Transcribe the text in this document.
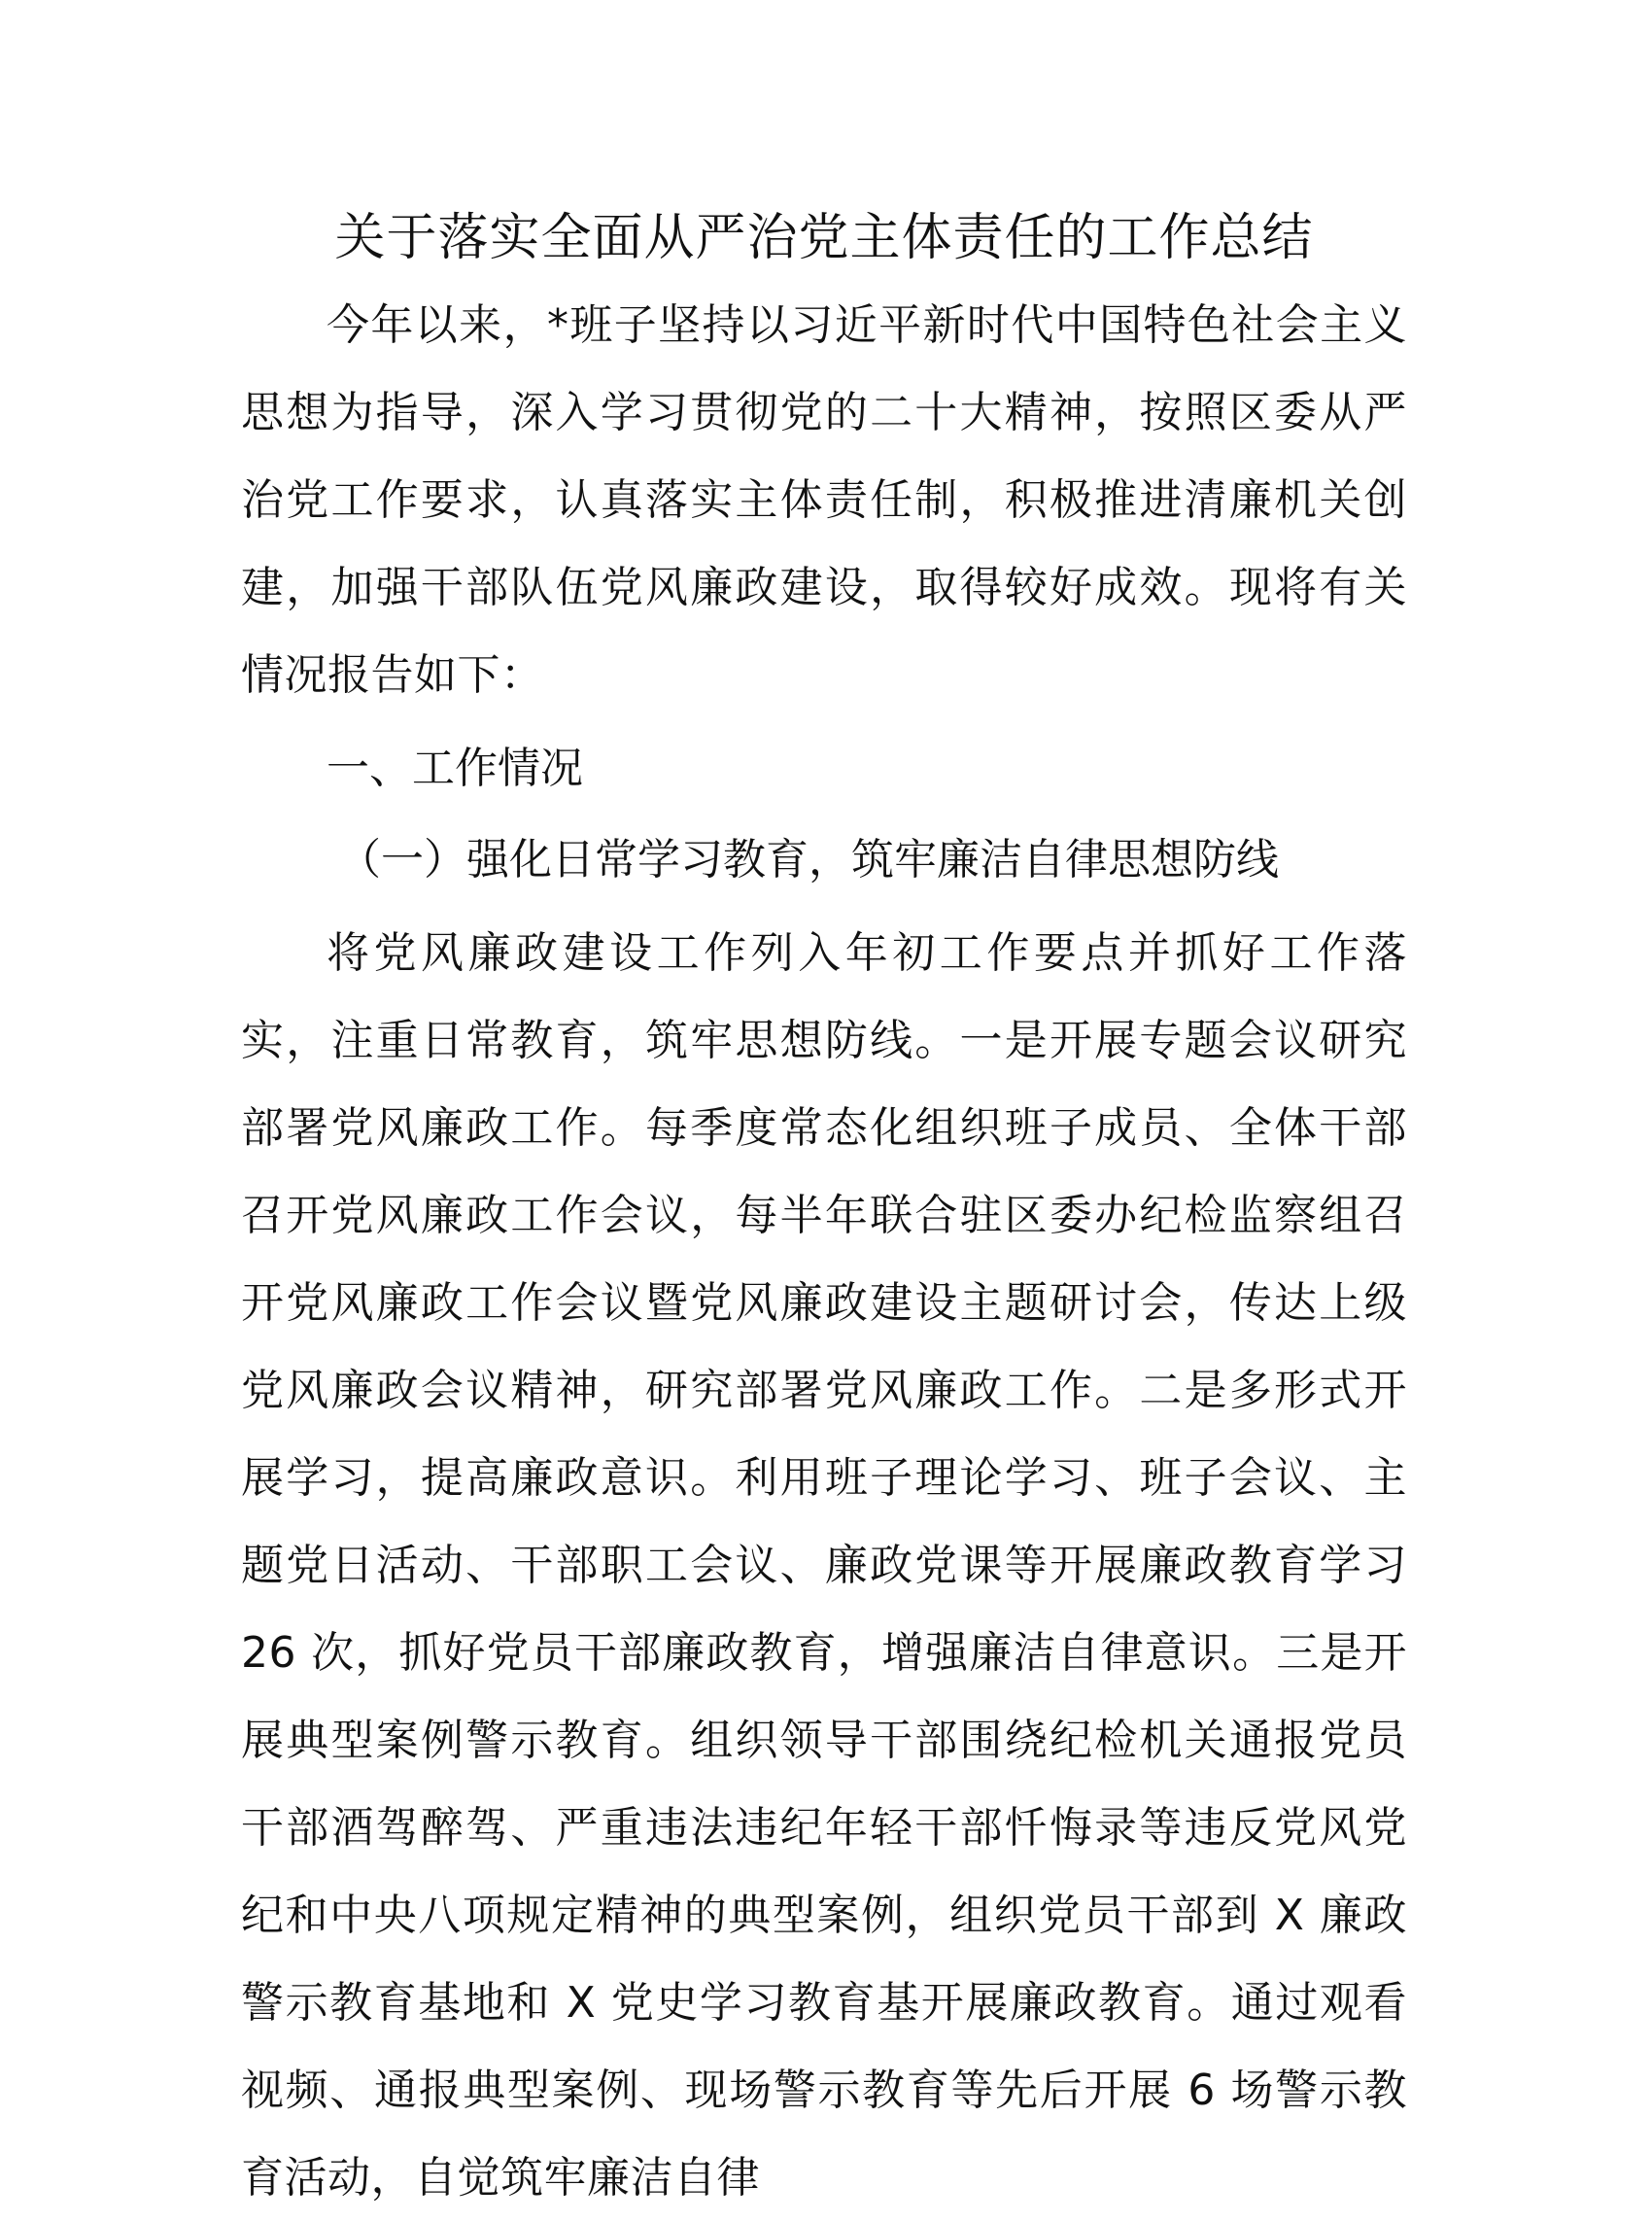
关于落实全面从严治党主体责任的工作总结

今年以来，*班子坚持以习近平新时代中国特色社会主义思想为指导，深入学习贯彻党的二十大精神，按照区委从严治党工作要求，认真落实主体责任制，积极推进清廉机关创建，加强干部队伍党风廉政建设，取得较好成效。现将有关情况报告如下：

一、工作情况
（一）强化日常学习教育，筑牢廉洁自律思想防线

将党风廉政建设工作列入年初工作要点并抓好工作落实，注重日常教育，筑牢思想防线。一是开展专题会议研究部署党风廉政工作。每季度常态化组织班子成员、全体干部召开党风廉政工作会议，每半年联合驻区委办纪检监察组召开党风廉政工作会议暨党风廉政建设主题研讨会，传达上级党风廉政会议精神，研究部署党风廉政工作。二是多形式开展学习，提高廉政意识。利用班子理论学习、班子会议、主题党日活动、干部职工会议、廉政党课等开展廉政教育学习 26 次，抓好党员干部廉政教育，增强廉洁自律意识。三是开展典型案例警示教育。组织领导干部围绕纪检机关通报党员干部酒驾醉驾、严重违法违纪年轻干部忏悔录等违反党风党纪和中央八项规定精神的典型案例，组织党员干部到 X 廉政警示教育基地和 X 党史学习教育基开展廉政教育。通过观看视频、通报典型案例、现场警示教育等先后开展 6 场警示教育活动，自觉筑牢廉洁自律
